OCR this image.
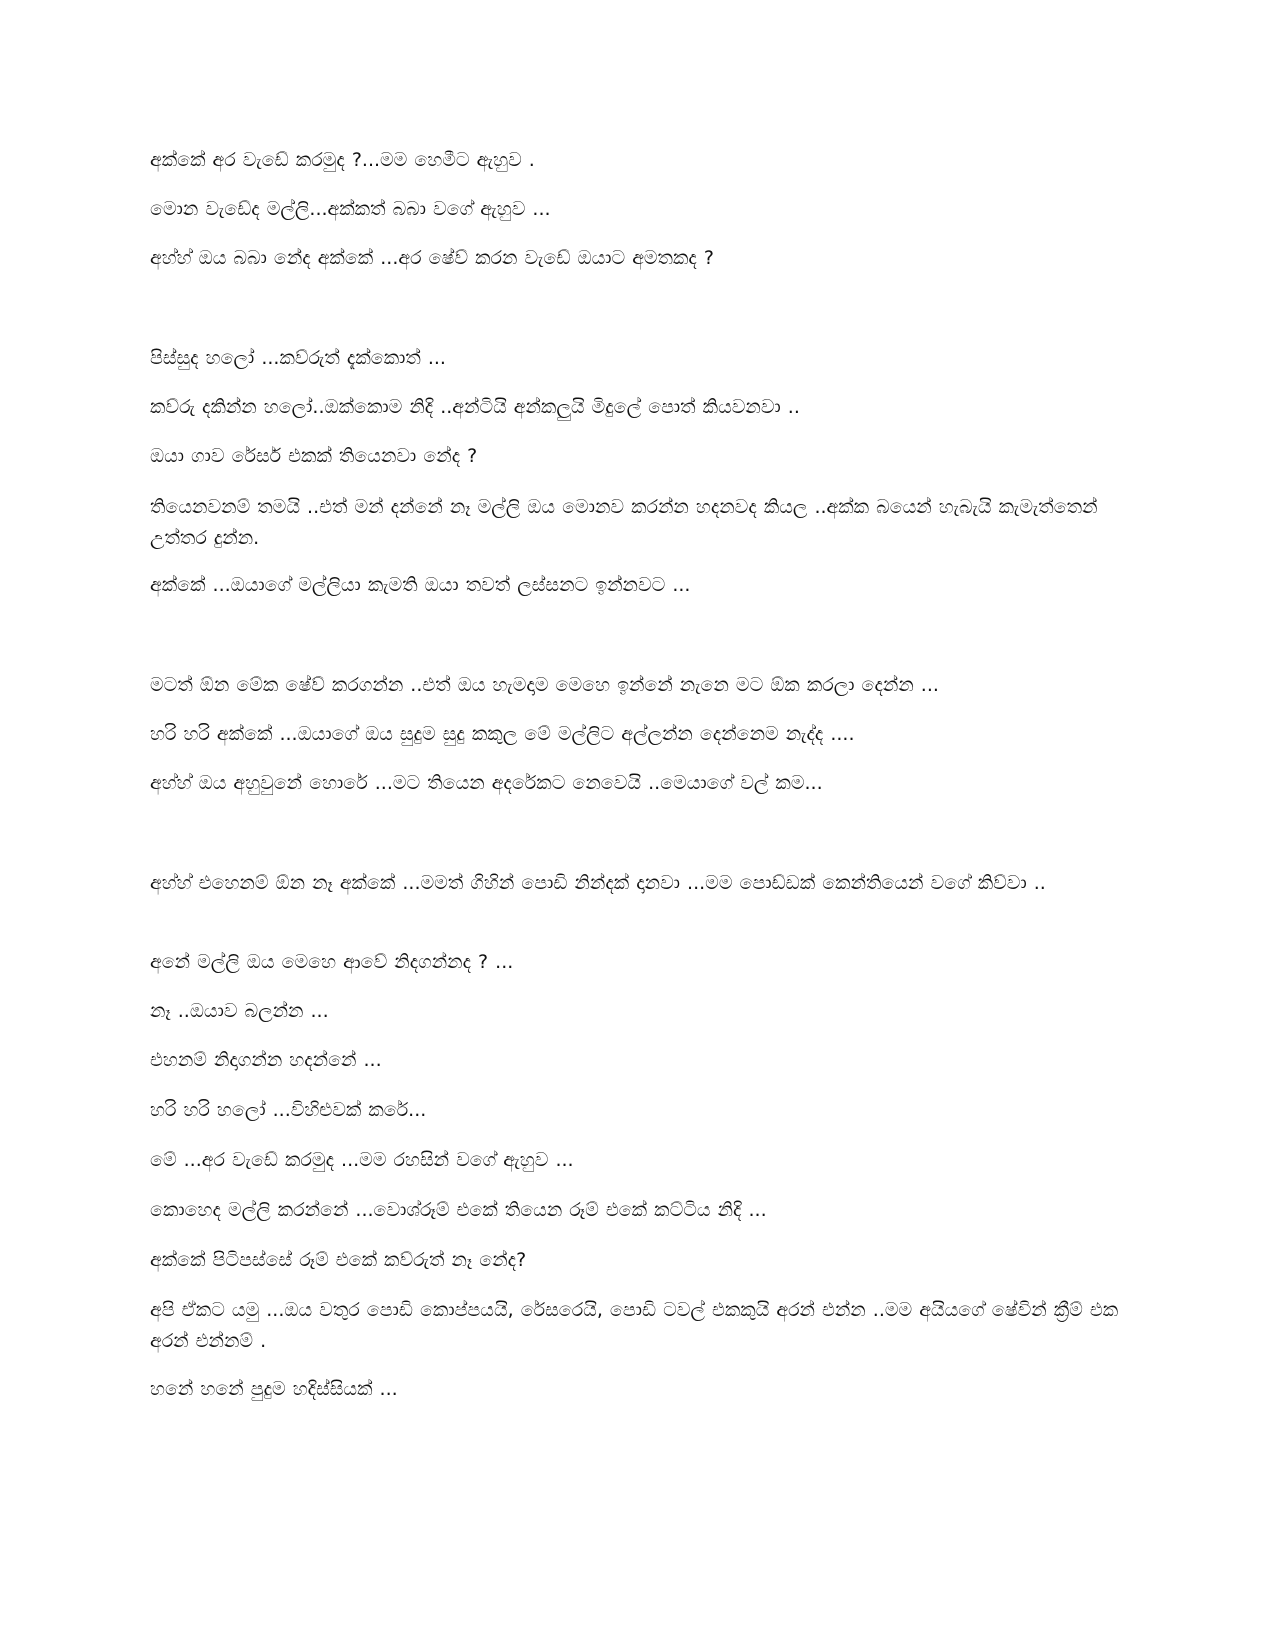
අක්කේ අර වැඩේ කරමුද ?...මම හෙමීට ඇහුව .
මොන වැඩේද මල්ලි...අක්කත් බබා වගේ ඇහුව ...
අහ්හ් ඔය බබා නේද අක්කේ ...අර ෂේව් කරන වැඩේ ඔයාට අමතකද ?
පිස්සුද හලෝ ...කව්රුත් දැක්කොත් ...
කව්රු දකින්න හලෝ..ඔක්කොම නිදි ..අන්ටියි අන්කලුයි මිදුලේ පොත් කියවනවා ..
ඔයා ගාව රේසර් එකක් තියෙනවා නේද ?
තියෙනවනම් තමයි ..එත් මන් දන්නේ නෑ මල්ලි ඔය මොනව කරන්න හදනවද කියල ..අක්ක බයෙන් හැබැයි කැමැත්තෙන් උත්තර දුන්න.
අක්කේ ...ඔයාගේ මල්ලියා කැමති ඔයා තවත් ලස්සනට ඉන්නවට ...
මටත් ඕන මේක ෂේව් කරගන්න ..එත් ඔය හැමදාම මෙහෙ ඉන්නේ නැනෙ මට ඕක කරලා දෙන්න ...
හරි හරි අක්කේ ...ඔයාගේ ඔය සුදුම සුදු කකුල මේ මල්ලිට අල්ලන්න දෙන්නෙම නැද්ද ....
අහ්හ් ඔය අහුවුනේ හොරේ ...මට තියෙන අදරේකට නෙවෙයි ..මෙයාගේ වල් කම...
අහ්හ් එහෙනම් ඕන නෑ අක්කේ ...මමත් ගිහින් පොඩි නින්දක් දානවා ...මම පොඩ්ඩක් කෙන්තියෙන් වගේ කිව්වා ..
අනේ මල්ලි ඔය මෙහෙ ආවේ නිදගන්නද ? ...
නෑ ..ඔයාව බලන්න ...
එහනම් නිදාගන්න හදන්නේ ...
හරි හරි හලෝ ...විහිළුවක් කරේ...
මේ ...අර වැඩේ කරමුද ...මම රහසින් වගේ ඇහුව ...
කොහෙද මල්ලි කරන්නේ ...වොශ්රූම් එකේ තියෙන රූම් එකේ කට්ටිය නිදි ...
අක්කේ පිටිපස්සේ රූම් එකේ කව්රුත් නෑ නේද?
අපි ඒකට යමු ...ඔය වතුර පොඩි කොප්පයයි, රේසරෙයි, පොඩි ටවල් එකකුයි අරන් එන්න ..මම අයියගේ ෂේවින් ක්‍රීම් එක අරන් එන්නම් .
හනේ හනේ පුදුම හදිස්සියක් ...
